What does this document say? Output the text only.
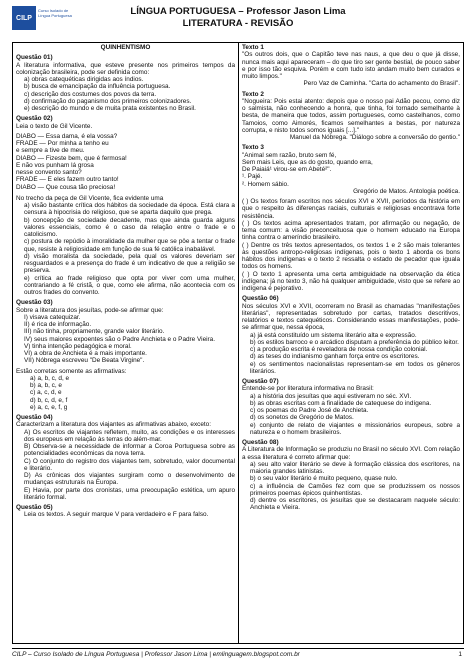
CILP
Curso Isolado de Língua Portuguesa	LÍNGUA PORTUGUESA – Professor Jason Lima
LITERATURA - REVISÃO

QUINHENTISMO

Questão 01)

A literatura informativa, que esteve presente nos primeiros tempos da colonização brasileira, pode ser definida como:

a) obras catequéticas dirigidas aos índios.

b) busca de emancipação da influência portuguesa.

c) descrição dos costumes dos povos da terra.

d) confirmação do paganismo dos primeiros colonizadores.

e) descrição do mundo e de muita prata existentes no Brasil.

Questão 02)

Leia o texto de Gil Vicente.

DIABO — Essa dama, é ela vossa?

FRADE — Por minha a tenho eu

e sempre a tive de meu.

DIABO — Fizeste bem, que é fermosa!

E não vos punham lá grosa

nesse convento santo?

FRADE — E eles fazem outro tanto!

DIABO — Que cousa tão preciosa!

No trecho da peça de Gil Vicente, fica evidente uma

a) visão bastante crítica dos hábitos da sociedade da época. Está clara a censura à hipocrisia do religioso, que se aparta daquilo que prega.

b) concepção de sociedade decadente, mas que ainda guarda alguns valores essenciais, como é o caso da relação entre o frade e o catolicismo.

c) postura de repúdio à imoralidade da mulher que se pôe a tentar o frade que, resiste à religiosidade em função de sua fé católica inabalável.

d) visão moralista da sociedade, pela qual os valores deveriam ser resguardados e a presença do frade é um indicativo de que a religião se preserva.

e) crítica ao frade religioso que opta por viver com uma mulher, contrariando a fé cristã, o que, como ele afirma, não acontecia com os outros frades do convento.

Questão 03)

Sobre a literatura dos jesuítas, pode-se afirmar que:

I) visava catequizar.

II) é rica de informação.

III) não tinha, propriamente, grande valor literário.

IV) seus maiores expoentes são o Padre Anchieta e o Padre Vieira.

V) tinha intenção pedagógica e moral.

VI) a obra de Anchieta é a mais importante.

VII) Nóbrega escreveu "De Beata Virgine".

Estão corretas somente as afirmativas:

a) a, b, c, d, e

b) a, b, c, e

c) a, c, d, e

d) b, c, d, e, f

e) a, c, e, f, g

Questão 04)

Caracterizam a literatura dos viajantes as afirmativas abaixo, exceto:

A) Os escritos de viajantes refletem, muito, as condições e os interesses dos europeus em relação às terras do além-mar.

B) Observa-se a necessidade de informar a Coroa Portuguesa sobre as potencialidades econômicas da nova terra.

C) O conjunto do registro dos viajantes tem, sobretudo, valor documental e literário.

D) As crônicas dos viajantes surgiram como o desenvolvimento de mudanças estruturais na Europa.

E) Havia, por parte dos cronistas, uma preocupação estética, um apuro literário formal.

Questão 05)

Leia os textos. A seguir marque V para verdadeiro e F para falso.

Texto 1

"Os outros dois, que o Capitão teve nas naus, a que deu o que já disse, nunca mais aqui apareceram – do que tiro ser gente bestial, de pouco saber e por isso tão esquiva. Porém e com tudo isto andam muito bem curados e muito limpos."

Pero Vaz de Caminha. "Carta do achamento do Brasil".

Texto 2

"Nogueira: Pois estai atento: depois que o nosso pai Adão pecou, como diz o salmista, não conhecendo a honra, que tinha, foi tornado semelhante à besta, de maneira que todos, assim portugueses, como castelhanos, como Tamoios, como Aimorés, ficamos semelhantes a bestas, por natureza corrupta, e nisto todos somos iguais [...]."

Manuel da Nóbrega. "Diálogo sobre a conversão do gentio."

Texto 3

"Animal sem razão, bruto sem fé,

Sem mais Leis, que as do gosto, quando erra,

De Paiaiá¹ virou-se em Abeté²".

¹. Pajé.

². Homem sábio.

Gregório de Matos. Antologia poética.

( ) Os textos foram escritos nos séculos XVI e XVII, períodos da história em que o respeito às diferenças raciais, culturais e religiosas encontrava forte resistência.

( ) Os textos acima apresentados tratam, por afirmação ou negação, de tema comum: a visão preconceituosa que o homem educado na Europa tinha contra o ameríndio brasileiro.

( ) Dentre os três textos apresentados, os textos 1 e 2 são mais tolerantes às questões antropo-religiosas indígenas, pois o texto 1 aborda os bons hábitos dos indígenas e o texto 2 ressalta o estado de pecador que iguala todos os homens.

( ) O texto 1 apresenta uma certa ambiguidade na observação da ética indígena; já no texto 3, não há qualquer ambiguidade, visto que se refere ao indígena é pejorativo.

Questão 06)

Nos séculos XVI e XVII, ocorreram no Brasil as chamadas "manifestações literárias", representadas sobretudo por cartas, tratados descritivos, relatórios e textos catequéticos. Considerando essas manifestações, pode-se afirmar que, nessa época,

a) já está constituído um sistema literário alta e expressão.

b) os estilos barroco e o arcádico disputam a preferência do público leitor.

c) a produção escrita é reveladora de nossa condição colonial.

d) as teses do indianismo ganham força entre os escritores.

e) os sentimentos nacionalistas representam-se em todos os gêneros literários.

Questão 07)

Entende-se por literatura informativa no Brasil:

a) a história dos jesuítas que aqui estiveram no séc. XVI.

b) as obras escritas com a finalidade de catequese do indígena.

c) os poemas do Padre José de Anchieta.

d) os sonetos de Gregório de Matos.

e) conjunto de relato de viajantes e missionários europeus, sobre a natureza e o homem brasileiros.

Questão 08)

A Literatura de Informação se produziu no Brasil no século XVI. Com relação a essa literatura é correto afirmar que:

a) seu alto valor literário se deve à formação clássica dos escritores, na maioria grandes latinistas.

b) o seu valor literário é muito pequeno, quase nulo.

c) a influência de Camões fez com que se produzissem os nossos primeiros poemas épicos quinhentistas.

d) dentre os escritores, os jesuítas que se destacaram naquele século: Anchieta e Vieira.

CILP – Curso Isolado de Língua Portuguesa | Professor Jason Lima | emlinguagem.blogspot.com.br	1
